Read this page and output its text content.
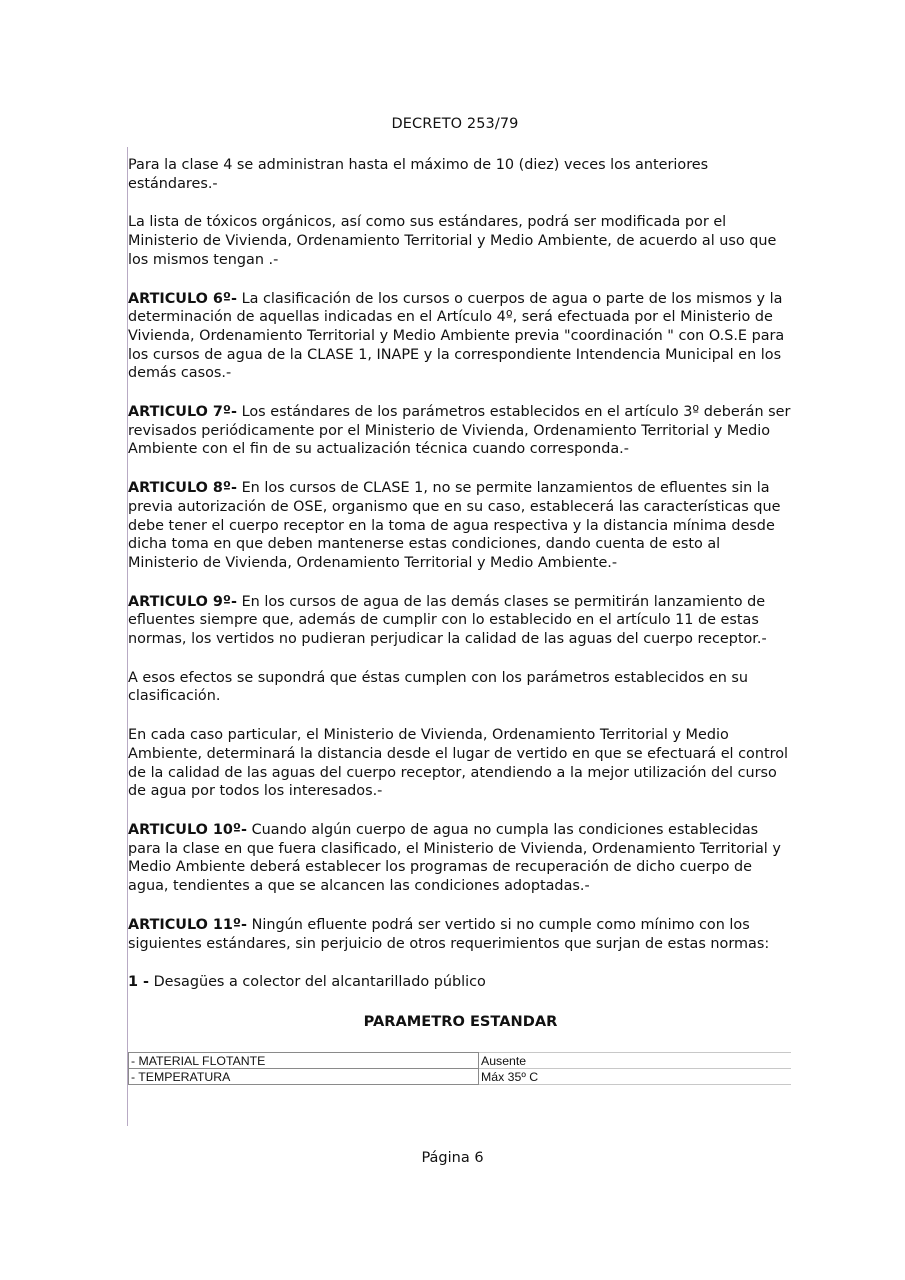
DECRETO 253/79

Para la clase 4 se administran hasta el máximo de 10 (diez) veces los anteriores estándares.-

La lista de tóxicos orgánicos, así como sus estándares, podrá ser modificada por el Ministerio de Vivienda, Ordenamiento Territorial y Medio Ambiente, de acuerdo al uso que los mismos tengan .-

ARTICULO 6º- La clasificación de los cursos o cuerpos de agua o parte de los mismos y la determinación de aquellas indicadas en el Artículo 4º, será efectuada por el Ministerio de Vivienda, Ordenamiento Territorial y Medio Ambiente previa "coordinación " con O.S.E para los cursos de agua de la CLASE 1, INAPE y la correspondiente Intendencia Municipal en los demás casos.-

ARTICULO 7º- Los estándares de los parámetros establecidos en el artículo 3º deberán ser revisados periódicamente por el Ministerio de Vivienda, Ordenamiento Territorial y Medio Ambiente con el fin de su actualización técnica cuando corresponda.-

ARTICULO 8º- En los cursos de CLASE 1, no se permite lanzamientos de efluentes sin la previa autorización de OSE, organismo que en su caso, establecerá las características que debe tener el cuerpo receptor en la toma de agua respectiva y la distancia mínima desde dicha toma en que deben mantenerse estas condiciones, dando cuenta de esto al Ministerio de Vivienda, Ordenamiento Territorial y Medio Ambiente.-

ARTICULO 9º- En los cursos de agua de las demás clases se permitirán lanzamiento de efluentes siempre que, además de cumplir con lo establecido en el artículo 11 de estas normas, los vertidos no pudieran perjudicar la calidad de las aguas del cuerpo receptor.-

A esos efectos se supondrá que éstas cumplen con los parámetros establecidos en su clasificación.

En cada caso particular, el Ministerio de Vivienda, Ordenamiento Territorial y Medio Ambiente, determinará la distancia desde el lugar de vertido en que se efectuará el control de la calidad de las aguas del cuerpo receptor, atendiendo a la mejor utilización del curso de agua por todos los interesados.-

ARTICULO 10º- Cuando algún cuerpo de agua no cumpla las condiciones establecidas para la clase en que fuera clasificado, el Ministerio de Vivienda, Ordenamiento Territorial y Medio Ambiente deberá establecer los programas de recuperación de dicho cuerpo de agua, tendientes a que se alcancen las condiciones adoptadas.-

ARTICULO 11º- Ningún efluente podrá ser vertido si no cumple como mínimo con los siguientes estándares, sin perjuicio de otros requerimientos que surjan de estas normas:

1 - Desagües a colector del alcantarillado público

PARAMETRO ESTANDAR
- MATERIAL FLOTANTE	Ausente
- TEMPERATURA	Máx 35º C
Página 6
